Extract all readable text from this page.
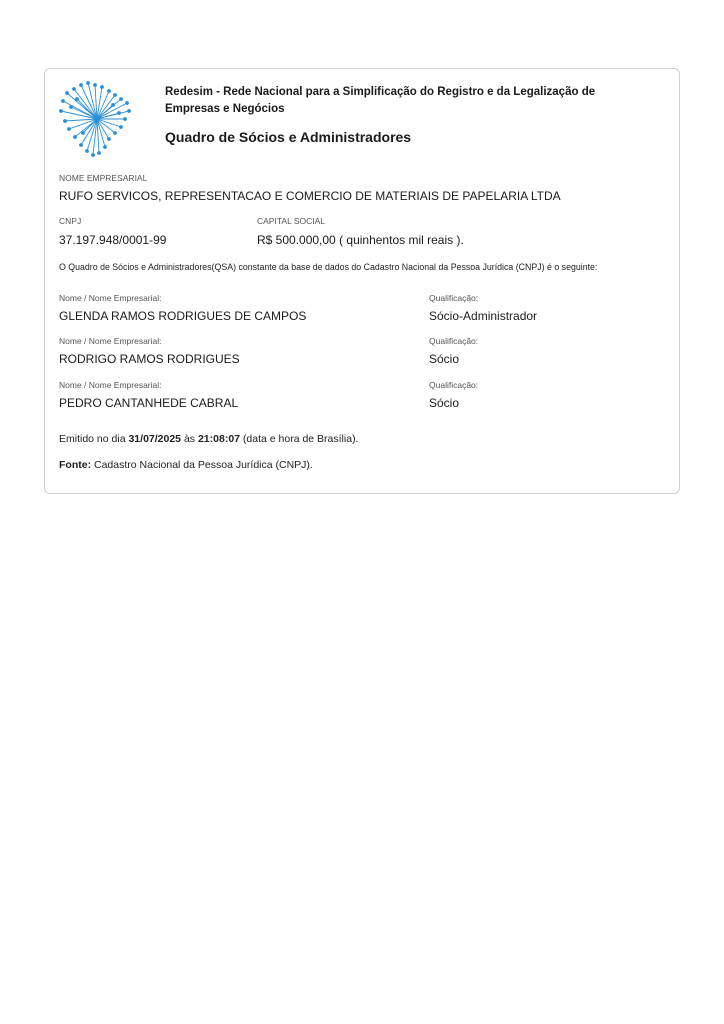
Redesim - Rede Nacional para a Simplificação do Registro e da Legalização de Empresas e Negócios
Quadro de Sócios e Administradores
NOME EMPRESARIAL
RUFO SERVICOS, REPRESENTACAO E COMERCIO DE MATERIAIS DE PAPELARIA LTDA
CNPJ
37.197.948/0001-99
CAPITAL SOCIAL
R$ 500.000,00 ( quinhentos mil reais ).
O Quadro de Sócios e Administradores(QSA) constante da base de dados do Cadastro Nacional da Pessoa Jurídica (CNPJ) é o seguinte:
Nome / Nome Empresarial:
GLENDA RAMOS RODRIGUES DE CAMPOS
Qualificação:
Sócio-Administrador
Nome / Nome Empresarial:
RODRIGO RAMOS RODRIGUES
Qualificação:
Sócio
Nome / Nome Empresarial:
PEDRO CANTANHEDE CABRAL
Qualificação:
Sócio
Emitido no dia 31/07/2025 às 21:08:07 (data e hora de Brasília).
Fonte: Cadastro Nacional da Pessoa Jurídica (CNPJ).
